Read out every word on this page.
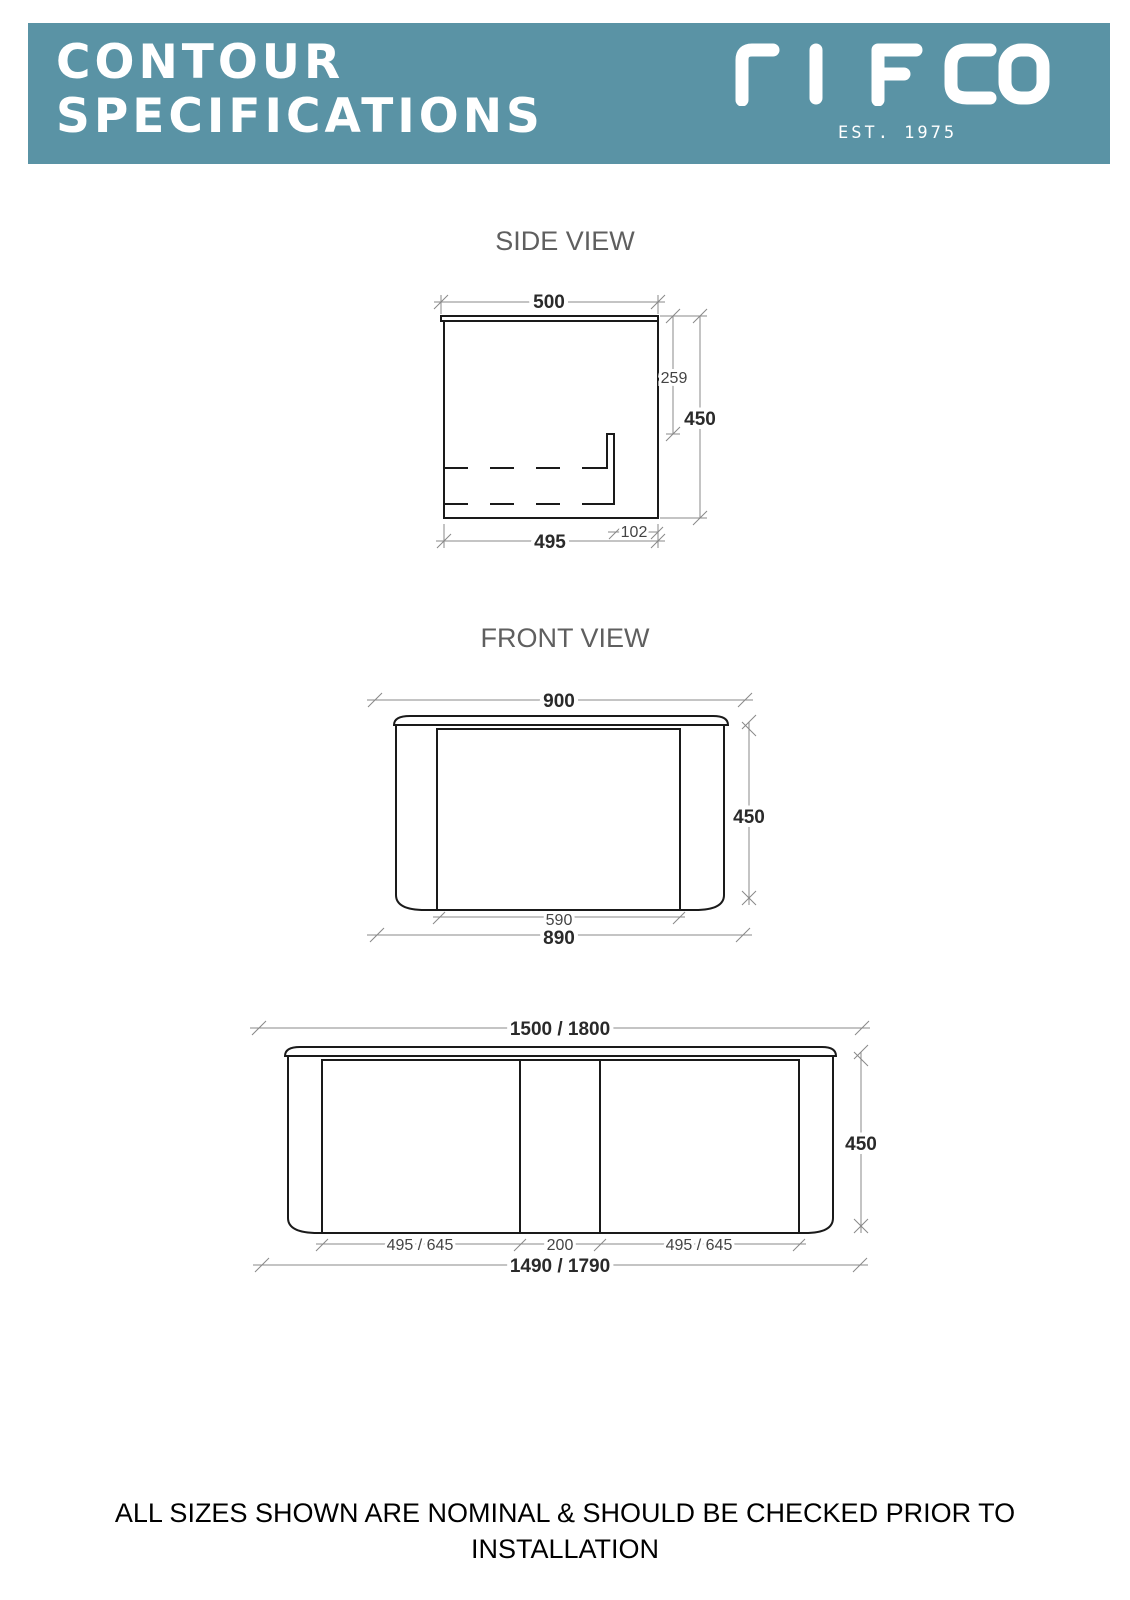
CONTOUR
SPECIFICATIONS	EST. 1975
SIDE VIEW
FRONT VIEW
500
495	102
259
450
900
590
890
450
1500 / 1800
495 / 645	200	495 / 645
1490 / 1790
450
ALL SIZES SHOWN ARE NOMINAL & SHOULD BE CHECKED PRIOR TO
INSTALLATION
